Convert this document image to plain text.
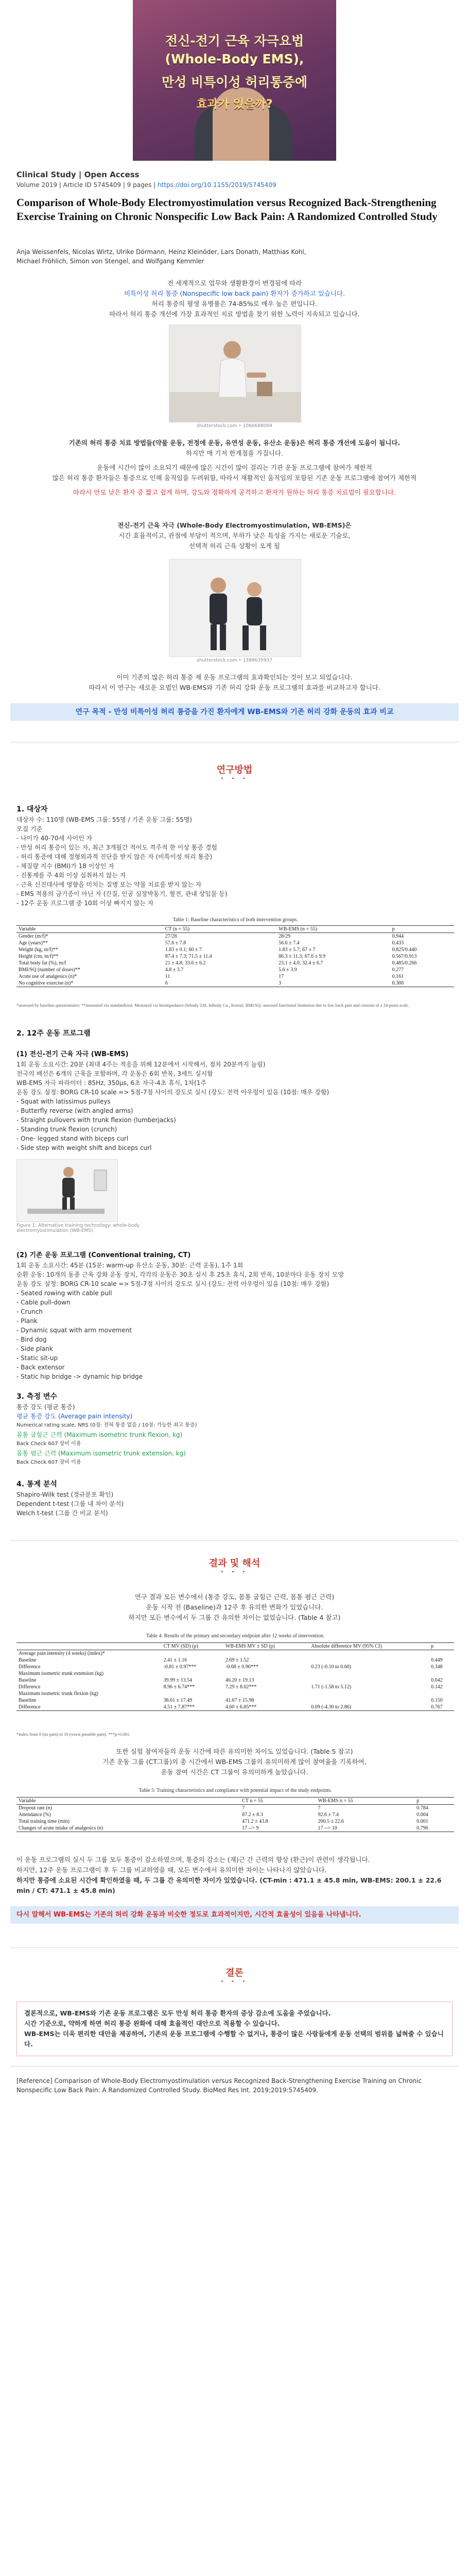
전신-전기 근육 자극요법
(Whole-Body EMS),
만성 비특이성 허리통증에
효과가 있을까?
Clinical Study | Open Access
Volume 2019 | Article ID 5745409 | 9 pages | https://doi.org/10.1155/2019/5745409
Comparison of Whole-Body Electromyostimulation versus Recognized Back-Strengthening Exercise Training on Chronic Nonspecific Low Back Pain: A Randomized Controlled Study
Anja Weissenfels, Nicolas Wirtz, Ulrike Dörmann, Heinz Kleinöder, Lars Donath, Matthias Kohl,
Michael Fröhlich, Simon von Stengel, and Wolfgang Kemmler
전 세계적으로 업무와 생활환경이 변경됨에 따라
비특이성 허리 통증 (Nonspecific low back pain) 환자가 증가하고 있습니다.
허리 통증의 평생 유병률은 74-85%로 매우 높은 편입니다.
따라서 허리 통증 개선에 가장 효과적인 치료 방법을 찾기 위한 노력이 지속되고 있습니다.
shutterstock.com • 1066688069
기존의 허리 통증 치료 방법들(약물 운동, 전정에 운동, 유연성 운동, 유산소 운동)은 허리 통증 개선에 도움이 됩니다.
하지만 매 기저 한계점을 가집니다.
운동에 시간이 많이 소요되기 때문에 많은 시간이 많이 걸리는 기관 운동 프로그램에 참여가 제한적
많은 허리 통증 환자들은 통증으로 인해 움직임을 두려워함, 따라서 재활적인 움직임의 포함된 기존 운동 프로그램에 참여가 제한적
따라서 안모 낮은 환자 중 짧고 쉽게 하며, 강도와 정확하게 공격하고 환자가 원하는 허리 통증 치료법이 필요합니다.
전신-전기 근육 자극 (Whole-Body Electromyostimulation, WB-EMS)은
시간 효율적이고, 관절에 부담이 적으며, 부하가 낮은 특성을 가지는 새로운 기술로,
선택적 허리 근육 상황이 오게 될
shutterstock.com • 1388635937
이미 기존의 많은 허리 통증 제 운동 프로그램의 효과확인되는 것이 보고 되었습니다.
따라서 이 연구는 새로운 요법인 WB-EMS와 기존 허리 강화 운동 프로그램의 효과를 비교하고자 합니다.
연구 목적 - 만성 비특이성 허리 통증을 가진 환자에게 WB-EMS와 기존 허리 강화 운동의 효과 비교
연구방법
• • •
1. 대상자
대상자 수: 110명 (WB-EMS 그룹: 55명 / 기존 운동 그룹: 55명)
모집 기준
- 나이가 40-70세 사이인 자
- 만성 허리 통증이 있는 자, 최근 3개월간 적어도 격주적 한 이상 통증 경험
- 허리 통증에 대해 정형외과적 진단을 받지 않은 자 (비특이성 허리 통증)
- 체질량 지수 (BMI)가 18 이상인 자
- 진통제를 주 4회 이상 섭취하지 않는 자
- 근육 신진대사에 영향을 미치는 질병 또는 약물 치료를 받지 않는 자
- EMS 적용의 금기증이 아닌 자 (간질, 인공 심장박동기, 혈전, 관내 상입물 등)
- 12주 운동 프로그램 중 10회 이상 빠지지 않는 자
Table 1: Baseline characteristics of both intervention groups.
Variable	CT (n = 55)	WB-EMS (n = 55)	p
Gender (m/f)*	27/28	28/29	0.944
Age (years)**	57.6 ± 7.8	56.6 ± 7.4	0.433
Weight (kg, m/f)**	1.83 ± 0.1; 60 ± 7	1.83 ± 5.7; 67 ± 7	0.825/0.440
Height (cm, m/f)**	87.4 ± 7.3; 71.5 ± 11.4	86.3 ± 11.3; 67.6 ± 9.9	0.567/0.913
Total body fat (%), m/f	21 ± 4.8; 33.6 ± 6.2	23.1 ± 4.0; 32.4 ± 6.7	0.485/0.266
BMI/SQ (number of doses)**	4.8 ± 3.7	5.6 ± 3.9	0.277
Acute use of analgesics (n)*	11	17	0.161
No cognitive exercise (n)*	6	3	0.300
*assessed by baseline questionnaire; **measured via standardized. Measured via bioimpedance (Inbody 230, InBody Co., Korea). BMI/SQ: assessed functional limitation due to low back pain and consists of a 24-point scale.
2. 12주 운동 프로그램
(1) 전신-전기 근육 자극 (WB-EMS)
1회 운동 소요시간: 20분 (최대 4주는 적응을 위해 12분에서 시작해서, 점차 20분까지 늘림)
전극의 배선은 6개의 근육을 포함하며, 각 운동은 6회 반복, 3세트 실시함
WB-EMS 자극 파라미터 : 85Hz, 350μs, 6초 자극-4초 휴식, 1차(1주
운동 강도 설정: BORG CR-10 scale => 5점-7점 사이의 강도로 실시 (강도: 전력 아우렁이 있음 (10점: 매우 강함)
- Squat with latissimus pulleys
- Butterfly reverse (with angled arms)
- Straight pullovers with trunk flexion (lumberjacks)
- Standing trunk flexion (crunch)
- One- legged stand with biceps curl
- Side step with weight shift and biceps curl
Figure 1: Alternative training technology: whole-body electromyostimulation (WB-EMS).
(2) 기존 운동 프로그램 (Conventional training, CT)
1회 운동 소요시간: 45분 (15분: warm-up 유산소 운동, 30분: 근력 운동), 1주 1회
순환 운동: 10개의 동종 근육 강화 운동 장치, 각각의 운동은 30초 실시 후 25초 휴식, 2회 반복, 10분마다 운동 장치 모양
운동 강도 설정: BORG CR-10 scale => 5점-7점 사이의 강도로 실시 (강도: 전력 아우렁이 있음 (10점: 매우 강함)
- Seated rowing with cable pull
- Cable pull-down
- Crunch
- Plank
- Dynamic squat with arm movement
- Bird dog
- Side plank
- Static sit-up
- Back extensor
- Static hip bridge -> dynamic hip bridge
3. 측정 변수
통증 강도 (평균 통증)
평균 통증 강도 (Average pain intensity)
Numerical rating scale, NRS (0점: 전혀 통증 없음 / 10점: 가능한 최고 통증)
몸통 굽힘근 근력 (Maximum isometric trunk flexion, kg)
Back Check 607 장비 이용
몸통 폄근 근력 (Maximum isometric trunk extension, kg)
Back Check 607 장비 이용
4. 통계 분석
Shapiro-Wilk test (정규분포 확인)
Dependent t-test (그룹 내 차이 분석)
Welch t-test (그룹 간 비교 분석)
결과 및 해석
• • •
연구 결과 모든 변수에서 (통증 강도, 몸통 굽힘근 근력, 몸통 폄근 근력)
운동 시작 전 (Baseline)과 12주 후 유의한 변화가 있었습니다.
하지만 모든 변수에서 두 그룹 간 유의한 차이는 없었습니다. (Table 4 참고)
Table 4: Results of the primary and secondary endpoint after 12 weeks of intervention.
	CT MV (SD) (p)	WB-EMS MV ± SD (p)	Absolute difference MV (95% CI)	p
Average pain intensity (4 weeks) (index)*				
Baseline	2.41 ± 1.16	2.69 ± 1.52		0.449
Difference	-0.81 ± 0.97***	-0.68 ± 0.96***	0.23 (-0.10 to 0.60)	0.348
Maximum isometric trunk extension (kg)				
Baseline	39.99 ± 13.54	46.20 ± 19.13		0.042
Difference	8.96 ± 6.74***	7.29 ± 8.02***	1.71 (-1.58 to 5.12)	0.142
Maximum isometric trunk flexion (kg)				
Baseline	38.61 ± 17.49	41.67 ± 15.98		0.150
Difference	4.51 ± 7.87***	4.60 ± 6.85***	0.09 (-4.30 to 2.86)	0.767
*index from 0 (no pain) to 10 (worst possible pain). ***p<0.001.
또한 실험 참여자들의 운동 시간에 따른 유의미한 차이도 있었습니다. (Table 5 참고)
기존 운동 그룹 (CT그룹)의 총 시간에서 WB-EMS 그룹의 유의미하게 많이 참여율을 기록하여,
운동 참여 시간은 CT 그룹이 유의미하게 높았습니다.
Table 5: Training characteristics and compliance with potential impact of the study endpoints.
Variable	CT n = 55	WB-EMS n = 55	p
Dropout rate (n)	7	7	0.784
Attendance (%)	87.2 ± 8.3	92.6 ± 7.4	0.004
Total training time (min)	471.2 ± 43.8	200.5 ± 22.6	0.001
Changes of acute intake of analgesics (n)	17 --> 9	17 --> 10	0.796
이 운동 프로그램의 실시 두 그룹 모두 통증이 감소하였으며, 통증의 감소는 (재)근 간 근력의 향상 (환근)이 관련이 생각됩니다.
하지만, 12주 운동 프로그램이 후 두 그룹 비교하였을 때, 모든 변수에서 유의미한 차이는 나타나지 않았습니다.
하지만 통증에 소요된 시간에 확인하였을 때, 두 그룹 간 유의미한 차이가 있었습니다. (CT-min : 471.1 ± 45.8 min, WB-EMS: 200.1 ± 22.6 min / CT: 471.1 ± 45.8 min)
다시 말해서 WB-EMS는 기존의 허리 강화 운동과 비슷한 정도로 효과적이지만, 시간적 효율성이 있음을 나타냅니다.
결론
• • •
결론적으로, WB-EMS와 기존 운동 프로그램은 모두 만성 허리 통증 환자의 증상 감소에 도움을 주었습니다.
시간 기준으로, 약하게 하면 허리 통증 완화에 대해 효율적인 대안으로 적용할 수 있습니다.
WB-EMS는 더욱 편리한 대안을 제공하여, 기존의 운동 프로그램에 수행할 수 없거나, 통증이 많은 사람들에게 운동 선택의 범위를 넓혀줄 수 있습니다.
[Reference] Comparison of Whole-Body Electromyostimulation versus Recognized Back-Strengthening Exercise Training on Chronic Nonspecific Low Back Pain: A Randomized Controlled Study. BioMed Res Int. 2019;2019:5745409.
